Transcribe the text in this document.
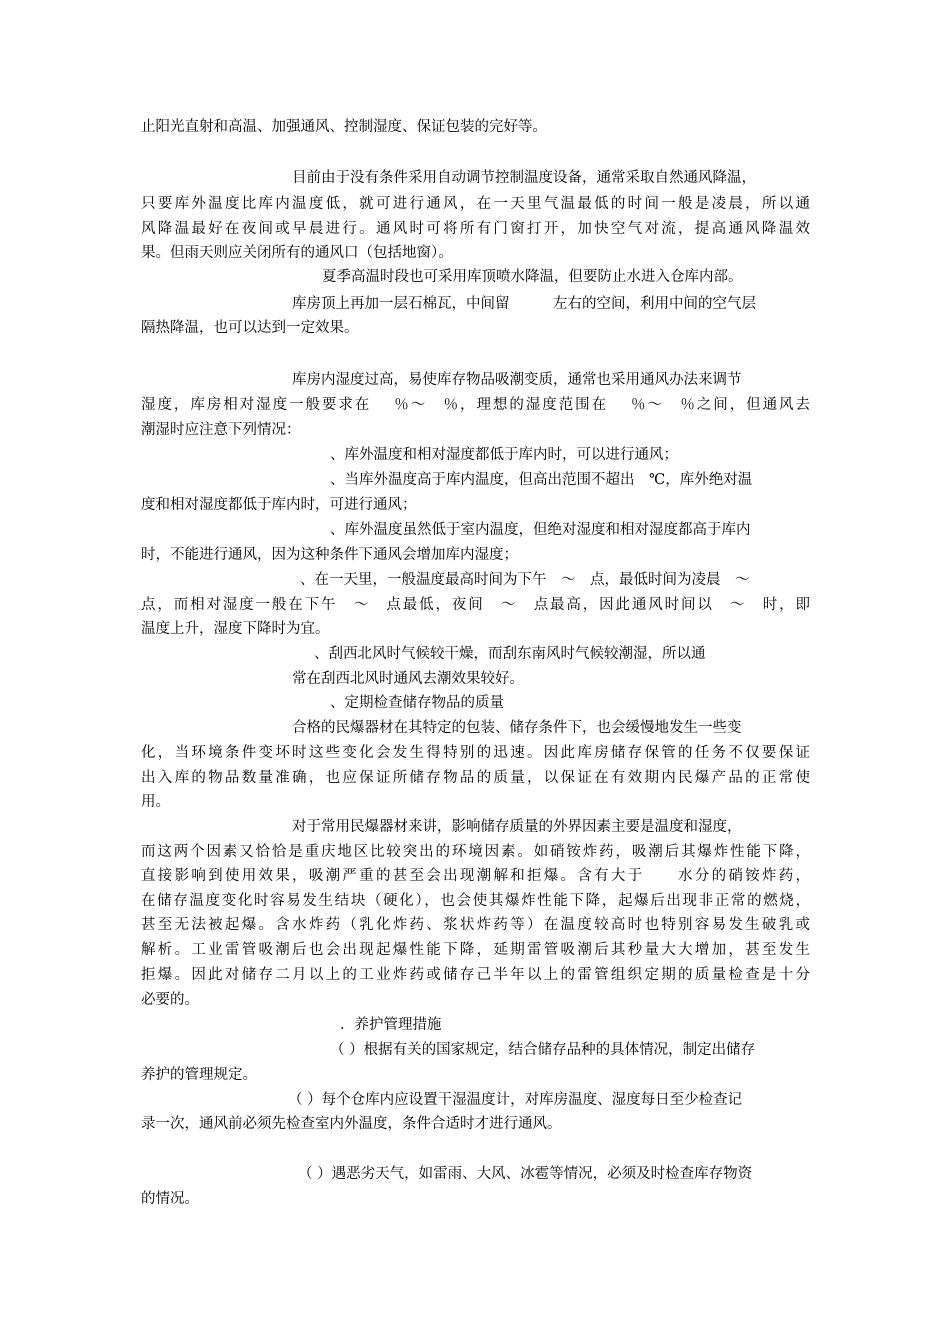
止阳光直射和高温、加强通风、控制湿度、保证包装的完好等。
目前由于没有条件采用自动调节控制温度设备，通常采取自然通风降温，
只要库外温度比库内温度低，就可进行通风，在一天里气温最低的时间一般是凌晨，所以通
风降温最好在夜间或早晨进行。通风时可将所有门窗打开，加快空气对流，提高通风降温效
果。但雨天则应关闭所有的通风口（包括地窗）。
夏季高温时段也可采用库顶喷水降温，但要防止水进入仓库内部。
库房顶上再加一层石棉瓦，中间留　　　左右的空间，利用中间的空气层
隔热降温，也可以达到一定效果。
库房内湿度过高，易使库存物品吸潮变质，通常也采用通风办法来调节
湿度，库房相对湿度一般要求在　 ％～　％，理想的湿度范围在　 ％～　％之间，但通风去
潮湿时应注意下列情况：
、库外温度和相对湿度都低于库内时，可以进行通风；
、当库外温度高于库内温度，但高出范围不超出　℃，库外绝对温
度和相对湿度都低于库内时，可进行通风；
、库外温度虽然低于室内温度，但绝对湿度和相对湿度都高于库内
时，不能进行通风，因为这种条件下通风会增加库内湿度；
、在一天里，一般温度最高时间为下午　～　点，最低时间为凌晨　～
点，而相对湿度一般在下午　～　点最低，夜间　～　点最高，因此通风时间以　～　时，即
温度上升，湿度下降时为宜。
、刮西北风时气候较干燥，而刮东南风时气候较潮湿，所以通
常在刮西北风时通风去潮效果较好。
、定期检查储存物品的质量
合格的民爆器材在其特定的包装、储存条件下，也会缓慢地发生一些变
化，当环境条件变坏时这些变化会发生得特别的迅速。因此库房储存保管的任务不仅要保证
出入库的物品数量准确，也应保证所储存物品的质量，以保证在有效期内民爆产品的正常使
用。
对于常用民爆器材来讲，影响储存质量的外界因素主要是温度和湿度，
而这两个因素又恰恰是重庆地区比较突出的环境因素。如硝铵炸药，吸潮后其爆炸性能下降，
直接影响到使用效果，吸潮严重的甚至会出现潮解和拒爆。含有大于　　水分的硝铵炸药，
在储存温度变化时容易发生结块（硬化），也会使其爆炸性能下降，起爆后出现非正常的燃烧，
甚至无法被起爆。含水炸药（乳化炸药、浆状炸药等）在温度较高时也特别容易发生破乳或
解析。工业雷管吸潮后也会出现起爆性能下降，延期雷管吸潮后其秒量大大增加，甚至发生
拒爆。因此对储存二月以上的工业炸药或储存己半年以上的雷管组织定期的质量检查是十分
必要的。
．养护管理措施
（ ）根据有关的国家规定，结合储存品种的具体情况，制定出储存
养护的管理规定。
（ ）每个仓库内应设置干湿温度计，对库房温度、湿度每日至少检查记
录一次，通风前必须先检查室内外温度，条件合适时才进行通风。
（ ）遇恶劣天气，如雷雨、大风、冰雹等情况，必须及时检查库存物资
的情况。
